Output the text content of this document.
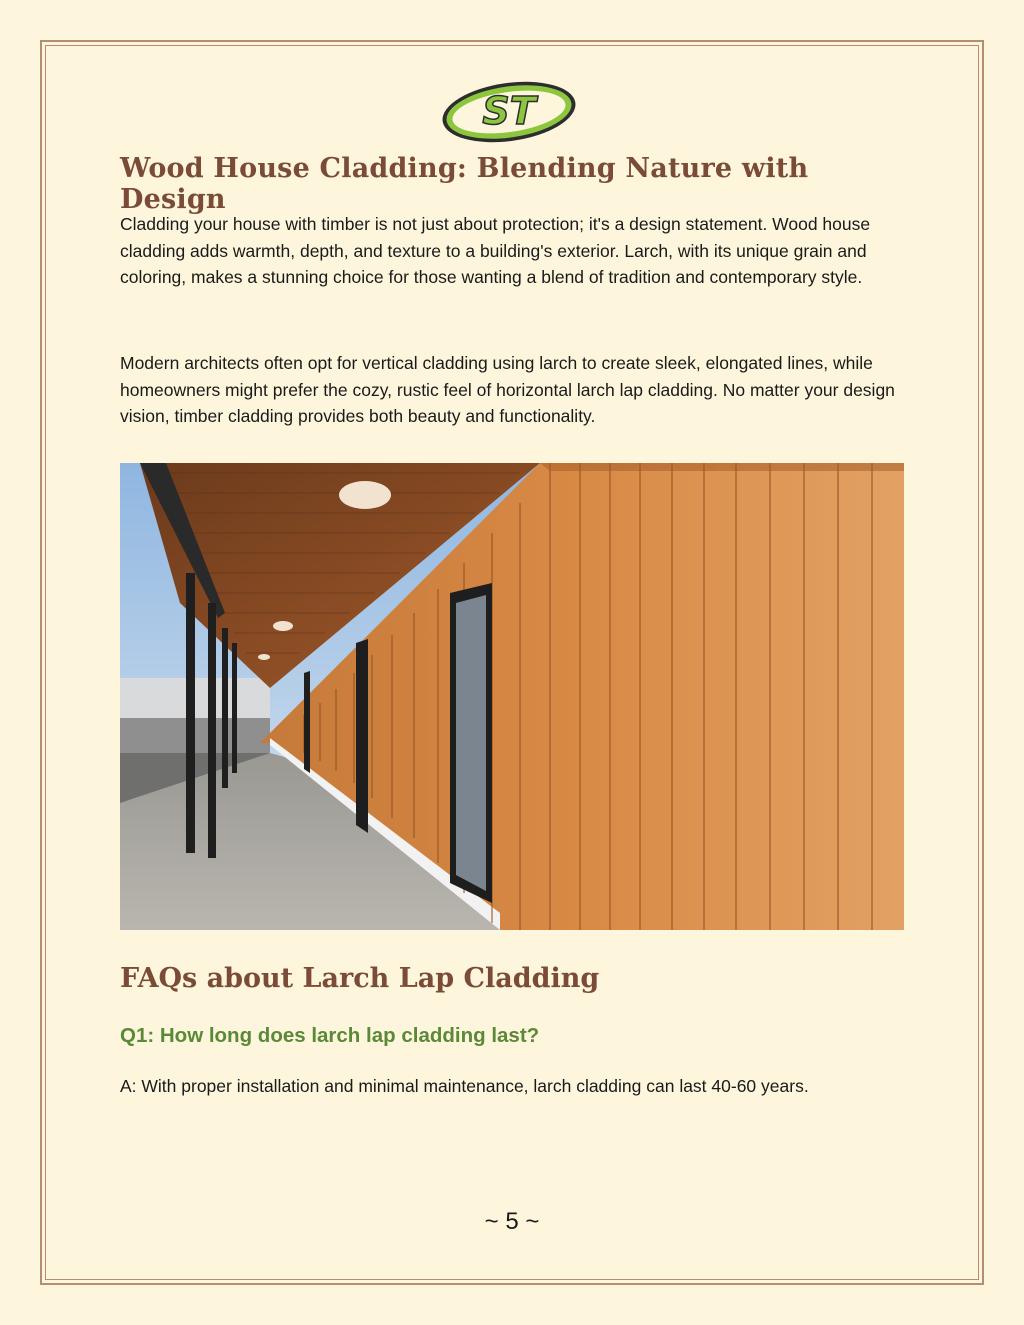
ST
Wood House Cladding: Blending Nature with Design

Cladding your house with timber is not just about protection; it's a design statement. Wood house cladding adds warmth, depth, and texture to a building's exterior. Larch, with its unique grain and coloring, makes a stunning choice for those wanting a blend of tradition and contemporary style.

Modern architects often opt for vertical cladding using larch to create sleek, elongated lines, while homeowners might prefer the cozy, rustic feel of horizontal larch lap cladding. No matter your design vision, timber cladding provides both beauty and functionality.

FAQs about Larch Lap Cladding
Q1: How long does larch lap cladding last?

A: With proper installation and minimal maintenance, larch cladding can last 40-60 years.

~ 5 ~
